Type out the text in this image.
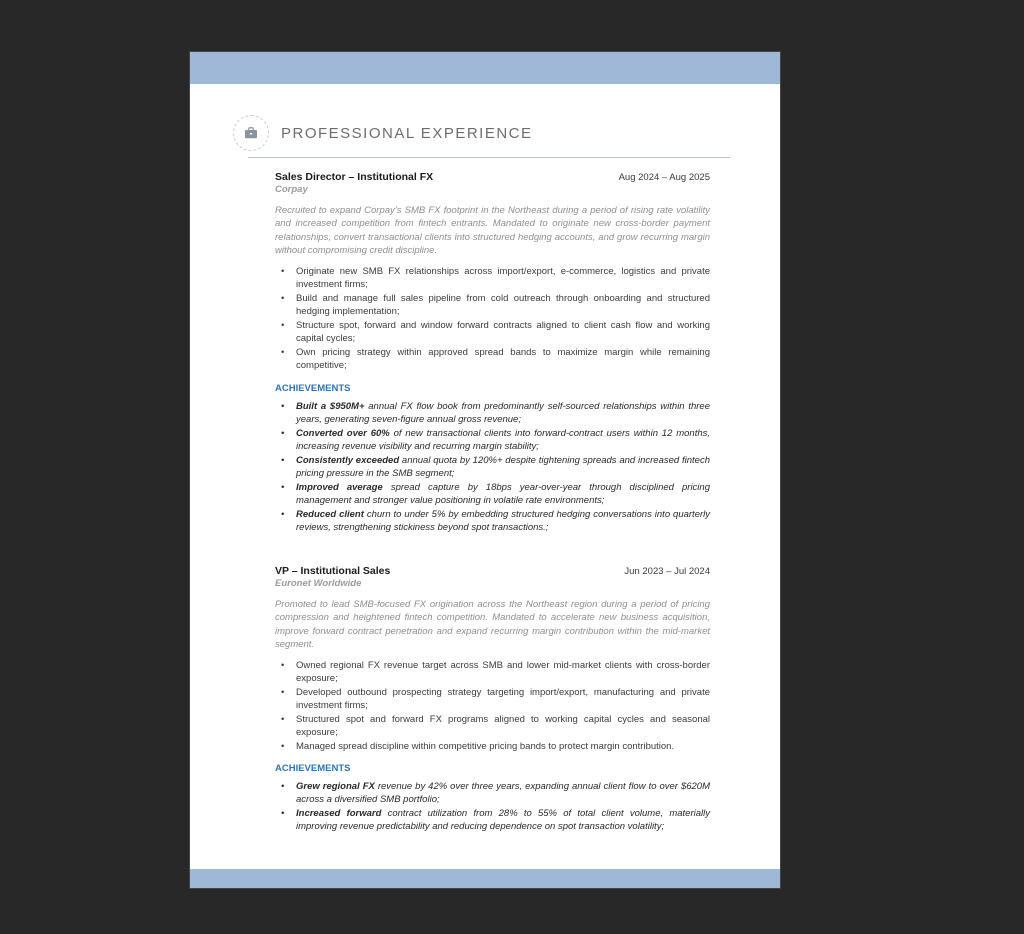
PROFESSIONAL EXPERIENCE
Sales Director – Institutional FX	Aug 2024 – Aug 2025
Corpay

Recruited to expand Corpay’s SMB FX footprint in the Northeast during a period of rising rate volatility and increased competition from fintech entrants. Mandated to originate new cross-border payment relationships, convert transactional clients into structured hedging accounts, and grow recurring margin without compromising credit discipline.

• Originate new SMB FX relationships across import/export, e-commerce, logistics and private investment firms;
• Build and manage full sales pipeline from cold outreach through onboarding and structured hedging implementation;
• Structure spot, forward and window forward contracts aligned to client cash flow and working capital cycles;
• Own pricing strategy within approved spread bands to maximize margin while remaining competitive;
ACHIEVEMENTS
• Built a $950M+ annual FX flow book from predominantly self-sourced relationships within three years, generating seven-figure annual gross revenue;
• Converted over 60% of new transactional clients into forward-contract users within 12 months, increasing revenue visibility and recurring margin stability;
• Consistently exceeded annual quota by 120%+ despite tightening spreads and increased fintech pricing pressure in the SMB segment;
• Improved average spread capture by 18bps year-over-year through disciplined pricing management and stronger value positioning in volatile rate environments;
• Reduced client churn to under 5% by embedding structured hedging conversations into quarterly reviews, strengthening stickiness beyond spot transactions.;
VP – Institutional Sales	Jun 2023 – Jul 2024
Euronet Worldwide

Promoted to lead SMB-focused FX origination across the Northeast region during a period of pricing compression and heightened fintech competition. Mandated to accelerate new business acquisition, improve forward contract penetration and expand recurring margin contribution within the mid-market segment.

• Owned regional FX revenue target across SMB and lower mid-market clients with cross-border exposure;
• Developed outbound prospecting strategy targeting import/export, manufacturing and private investment firms;
• Structured spot and forward FX programs aligned to working capital cycles and seasonal exposure;
• Managed spread discipline within competitive pricing bands to protect margin contribution.
ACHIEVEMENTS
• Grew regional FX revenue by 42% over three years, expanding annual client flow to over $620M across a diversified SMB portfolio;
• Increased forward contract utilization from 28% to 55% of total client volume, materially improving revenue predictability and reducing dependence on spot transaction volatility;
